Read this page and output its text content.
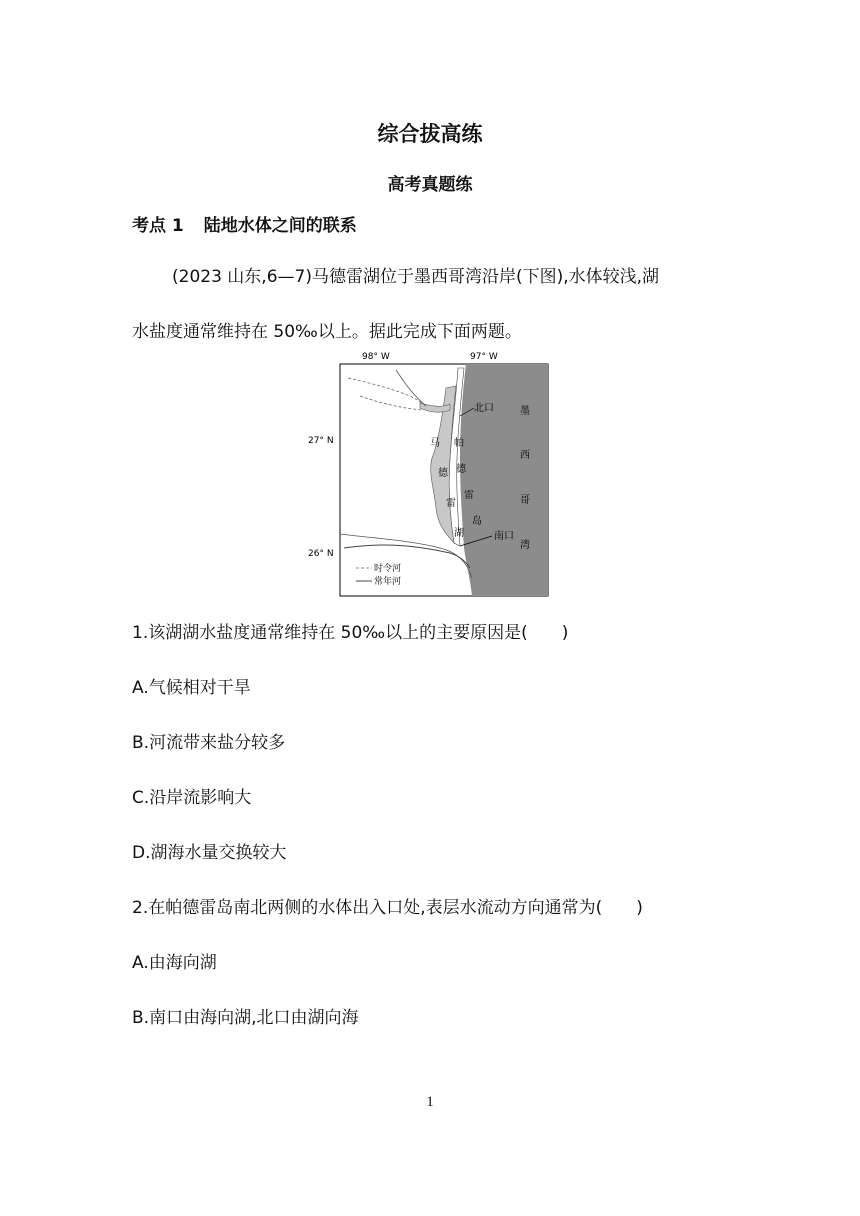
综合拔高练
高考真题练
考点 1 陆地水体之间的联系
(2023 山东,6—7)马德雷湖位于墨西哥湾沿岸(下图),水体较浅,湖
水盐度通常维持在 50‰以上。据此完成下面两题。
98° W	97° W
27° N
26° N
北口
南口
墨
西
哥
湾
马
德
雷
湖
帕
德
雷
岛
时令河
常年河
1.该湖湖水盐度通常维持在 50‰以上的主要原因是(　　)
A.气候相对干旱
B.河流带来盐分较多
C.沿岸流影响大
D.湖海水量交换较大
2.在帕德雷岛南北两侧的水体出入口处,表层水流动方向通常为(　　)
A.由海向湖
B.南口由海向湖,北口由湖向海
1
